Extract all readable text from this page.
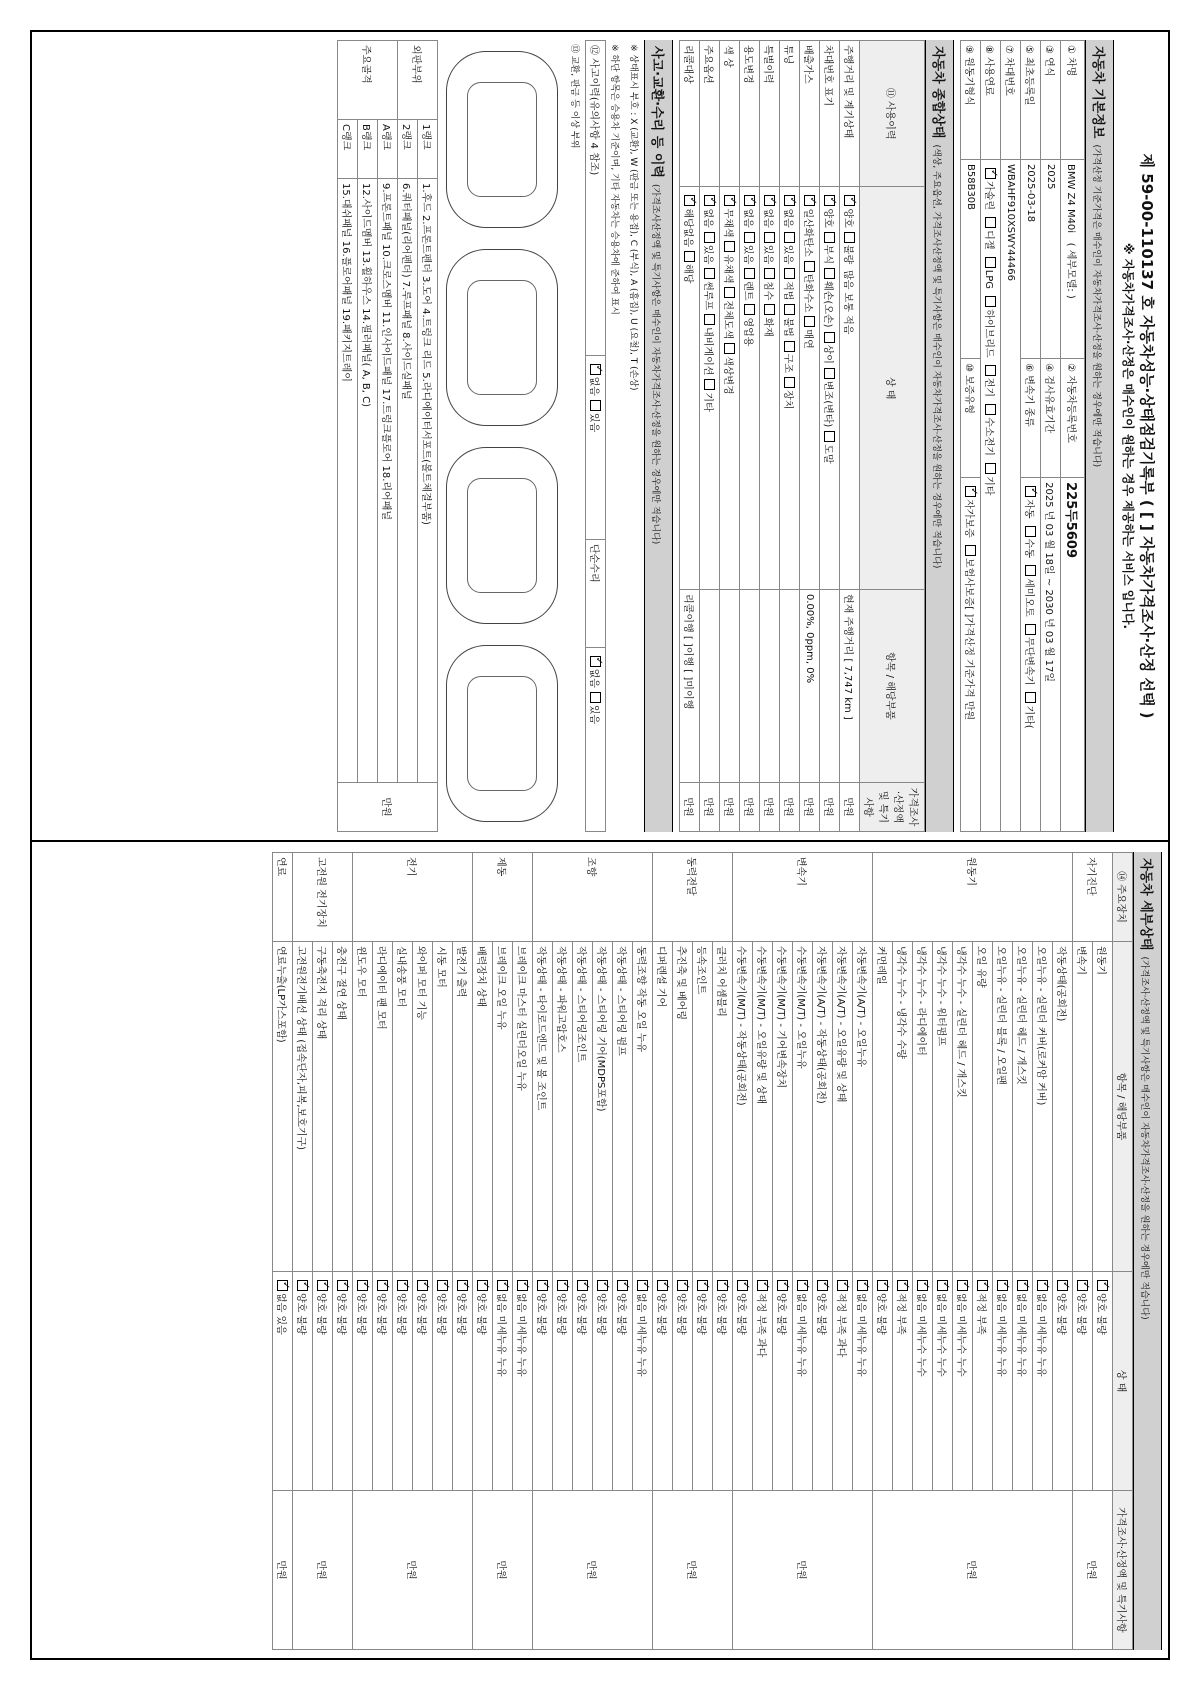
제 59-00-110137 호 자동차성능·상태점검기록부 ( [ ] 자동차가격조사·산정 선택 )
※ 자동차가격조사·산정은 매수인이 원하는 경우 제공하는 서비스 입니다.
자동차 기본정보(가격산정 기준가격은 매수인이 자동차가격조사·산정을 원하는 경우에만 적습니다)
① 차명	BMW Z4 M40i   ( 세부모델: )	② 자동차등록번호	225두5609
③ 연식	2025	④ 검사유효기간	2025 년 03 월 18일 ~ 2030 년 03 월 17일
⑤ 최초등록일	2025-03-18	⑥ 변속기 종류	✓자동 수동 세미오토 무단변속기 기타(
⑦ 차대번호	WBAHF910XSWY44466		
⑧ 사용연료	✓가솔린 디젤 LPG 하이브리드 전기 수소전기 기타
⑨ 원동기형식	B58B30B	⑩ 보증유형	✓자가보증 보험사보증[ ]가격산정 기준가격 만원
자동차 종합상태(색상, 주요옵션, 가격조사산정액 및 특기사항은 매수인이 자동차가격조사·산정을 원하는 경우에만 적습니다)
⑪ 사용이력	상 태	항목 / 해당부품	가격조사·산정액 및 특기사항
주행거리 및 계기상태	✓양호불량많음 보통 적음	현재 주행거리 [ 7,747 km ]	만원
차대번호 표기	✓양호부식훼손(오손)상이변조(변타)도말		만원
배출가스	✓일산화탄소탄화수소매연	0.00%, 0ppm, 0%	만원
튜닝	✓없음있음적법불법구조장치		만원
특별이력	✓없음있음침수화재		만원
용도변경	✓없음있음렌트영업용		만원
색 상	✓무채색유채색전체도색색상변경		만원
주요옵션	✓없음있음썬루프내비게이션기타		만원
리콜대상	✓해당없음해당	리콜이행 [ ]이행 [ ]미이행	만원
사고·교환·수리 등 이력(가격조사산정액 및 특기사항은 매수인이 자동차가격조사·산정을 원하는 경우에만 적습니다)
※ 상태표시 부호 : X (교환), W (판금 또는 용접), C (부식), A (흠집), U (요철), T (손상)
※ 하단 항목은 승용차 기준이며, 기타 자동차는 승용차에 준하여 표시
⑫ 사고이력(유의사항 4 참조)	✓없음있음	단순수리	✓없음있음
⑬ 교환, 판금 등 이상 부위
외판부위	1랭크	1.후드 2.프론트펜더 3.도어 4.트렁크 리드 5.라디에이터서포트(볼트체결부품)	만원
	2랭크	6.쿼터패널(리어펜더) 7.루프패널 8.사이드실패널	
주요골격	A랭크	9.프론트패널 10.크로스멤버 11.인사이드패널 17.트렁크플로어 18.리어패널	
	B랭크	12.사이드멤버 13.휠하우스 14.필러패널( A, B, C)	
	C랭크	15.대쉬패널 16.플로어패널 19.패키지트레이	
자동차 세부상태(가격조사·산정액 및 특기사항은 매수인이 자동차가격조사·산정을 원하는 경우에만 적습니다)
⑭ 주요장치	항목 / 해당부품	상 태	가격조사·산정액 및 특기사항
자기진단	원동기	✓양호 불량	만원
	변속기	✓양호 불량
원동기	작동상태(공회전)	✓양호 불량	만원
	오일누유 - 실린더 커버(로커암 커버)	✓없음 미세누유 누유
	오일누유 - 실린더 헤드 / 개스킷	✓없음 미세누유 누유
	오일누유 - 실린더 블록 / 오일팬	✓없음 미세누유 누유
	오일 유량	✓적정 부족
	냉각수 누수 - 실린더 헤드 / 개스킷	✓없음 미세누수 누수
	냉각수 누수 - 워터펌프	✓없음 미세누수 누수
	냉각수 누수 - 라디에이터	✓없음 미세누수 누수
	냉각수 누수 - 냉각수 수량	✓적정 부족
	커먼레일	✓양호 불량
변속기	자동변속기(A/T) - 오일누유	✓없음 미세누유 누유	만원
	자동변속기(A/T) - 오일유량 및 상태	✓적정 부족 과다
	자동변속기(A/T) - 작동상태(공회전)	✓양호 불량
	수동변속기(M/T) - 오일누유	✓없음 미세누유 누유
	수동변속기(M/T) - 기어변속장치	✓양호 불량
	수동변속기(M/T) - 오일유량 및 상태	✓적정 부족 과다
	수동변속기(M/T) - 작동상태(공회전)	✓양호 불량
동력전달	클러치 어셈블리	✓양호 불량	만원
	등속조인트	✓양호 불량
	추진축 및 베어링	✓양호 불량
	디퍼렌셜 기어	✓양호 불량
조향	동력조향 작동 오일 누유	✓없음 미세누유 누유	만원
	작동상태 - 스티어링 펌프	✓양호 불량
	작동상태 - 스티어링 기어(MDPS포함)	✓양호 불량
	작동상태 - 스티어링조인트	✓양호 불량
	작동상태 - 파워고압호스	✓양호 불량
	작동상태 - 타이로드엔드 및 볼 조인트	✓양호 불량
제동	브레이크 마스터 실린더오일 누유	✓없음 미세누유 누유	만원
	브레이크 오일 누유	✓없음 미세누유 누유
	배력장치 상태	✓양호 불량
전기	발전기 출력	✓양호 불량	만원
	시동 모터	✓양호 불량
	와이퍼 모터 기능	✓양호 불량
	실내송풍 모터	✓양호 불량
	라디에이터 팬 모터	✓양호 불량
	윈도우 모터	✓양호 불량
고전원 전기장치	충전구 절연 상태	✓양호 불량	만원
	구동축전지 격리 상태	✓양호 불량
	고전원전기배선 상태 (접속단자,피복,보호기구)	✓양호 불량
연료	연료누출(LP가스포함)	✓없음 있음	만원
